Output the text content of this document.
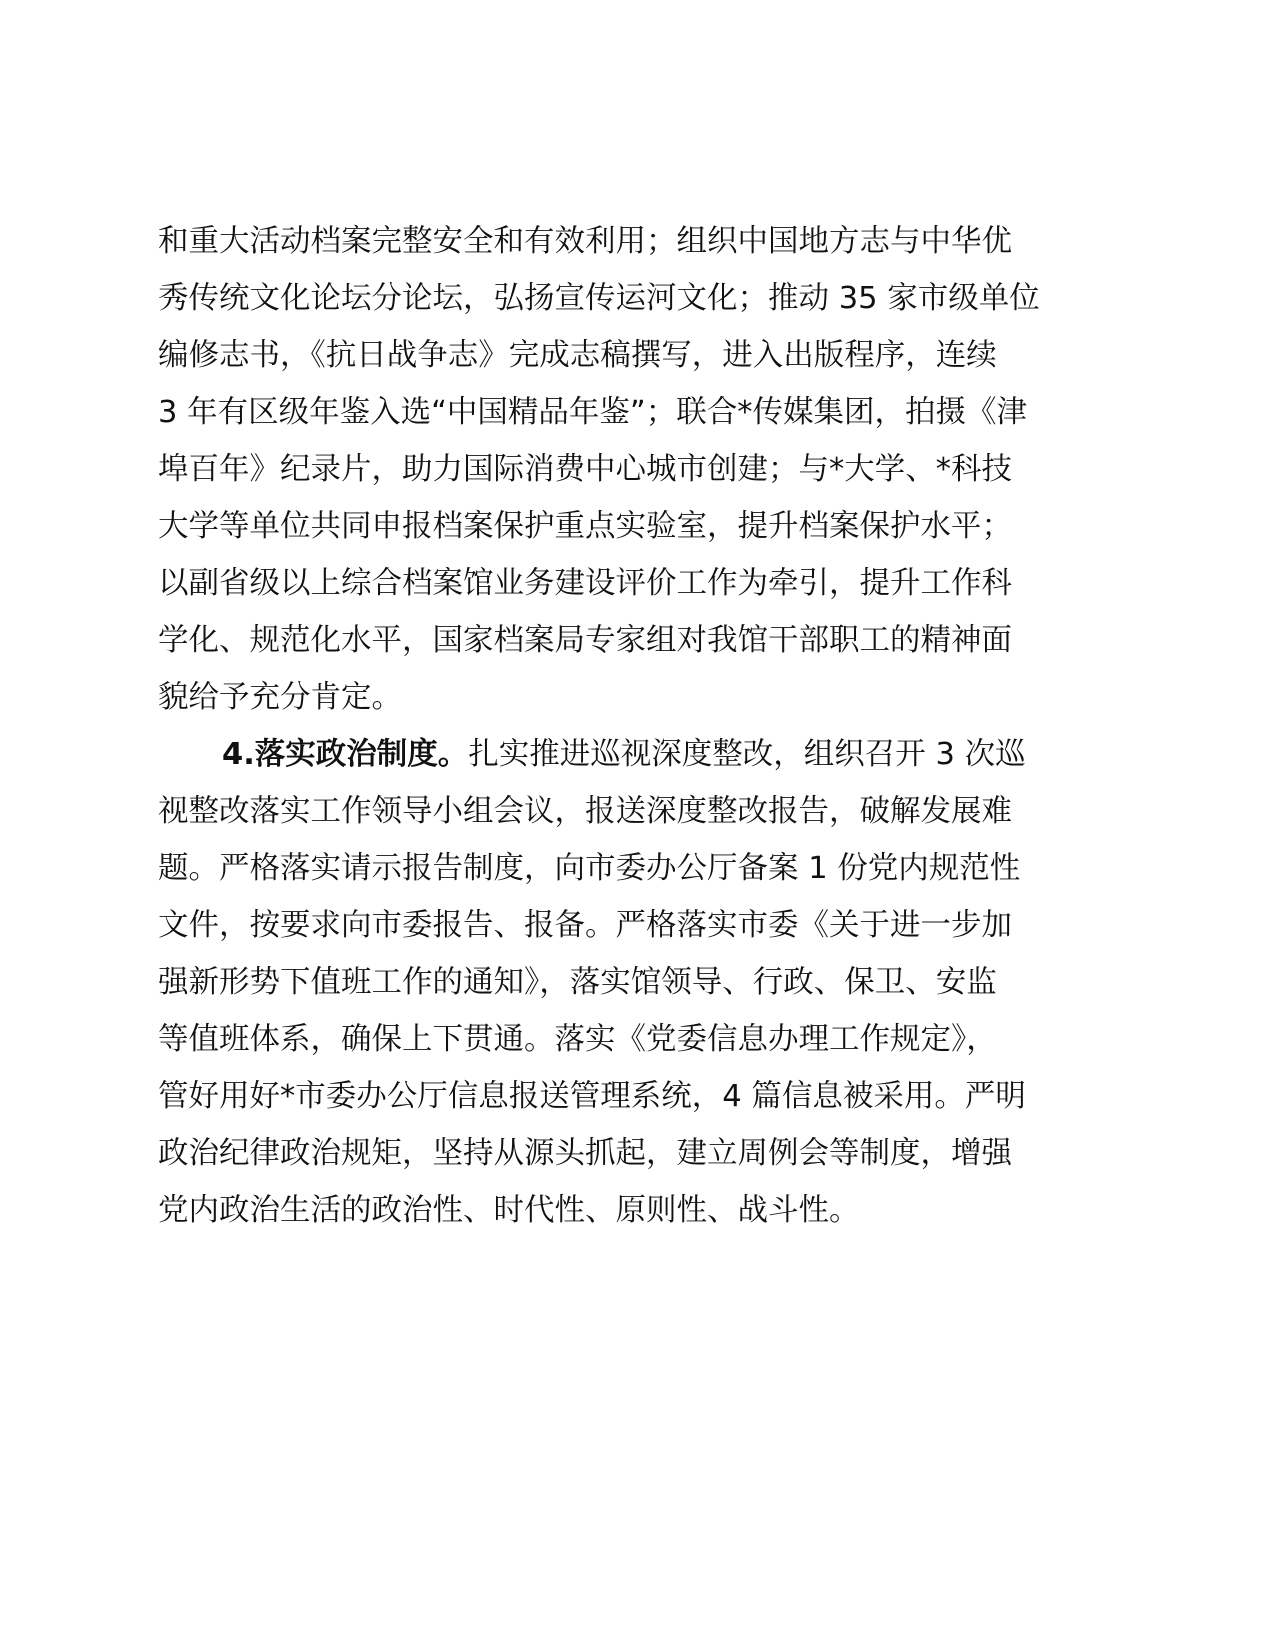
和重大活动档案完整安全和有效利用；组织中国地方志与中华优
秀传统文化论坛分论坛，弘扬宣传运河文化；推动 35 家市级单位
编修志书，《抗日战争志》完成志稿撰写，进入出版程序，连续
3 年有区级年鉴入选“中国精品年鉴”；联合*传媒集团，拍摄《津
埠百年》纪录片，助力国际消费中心城市创建；与*大学、*科技
大学等单位共同申报档案保护重点实验室，提升档案保护水平；
以副省级以上综合档案馆业务建设评价工作为牵引，提升工作科
学化、规范化水平，国家档案局专家组对我馆干部职工的精神面
貌给予充分肯定。
4.落实政治制度。扎实推进巡视深度整改，组织召开 3 次巡
视整改落实工作领导小组会议，报送深度整改报告，破解发展难
题。严格落实请示报告制度，向市委办公厅备案 1 份党内规范性
文件，按要求向市委报告、报备。严格落实市委《关于进一步加
强新形势下值班工作的通知》，落实馆领导、行政、保卫、安监
等值班体系，确保上下贯通。落实《党委信息办理工作规定》，
管好用好*市委办公厅信息报送管理系统，4 篇信息被采用。严明
政治纪律政治规矩，坚持从源头抓起，建立周例会等制度，增强
党内政治生活的政治性、时代性、原则性、战斗性。
